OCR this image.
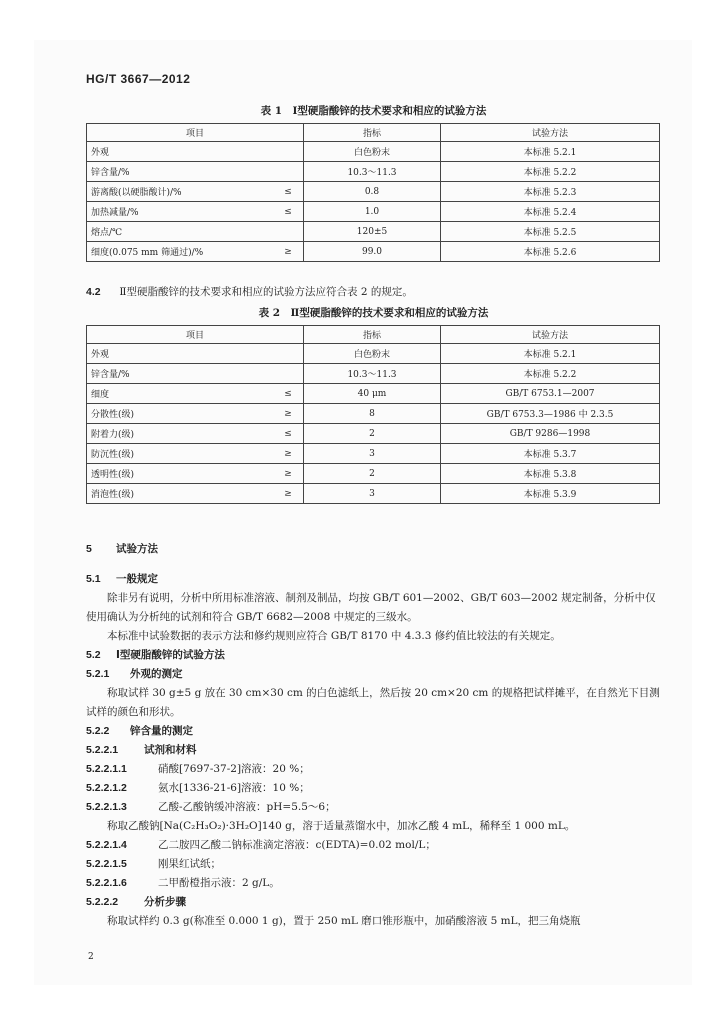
HG/T 3667—2012
表 1　Ⅰ型硬脂酸锌的技术要求和相应的试验方法
项目		指标	试验方法
外观		白色粉末	本标准 5.2.1
锌含量/%		10.3～11.3	本标准 5.2.2
游离酸(以硬脂酸计)/%	≤	0.8	本标准 5.2.3
加热减量/%	≤	1.0	本标准 5.2.4
熔点/℃		120±5	本标准 5.2.5
细度(0.075 mm 筛通过)/%	≥	99.0	本标准 5.2.6
4.2 Ⅱ型硬脂酸锌的技术要求和相应的试验方法应符合表 2 的规定。
表 2　Ⅱ型硬脂酸锌的技术要求和相应的试验方法
项目		指标	试验方法
外观		白色粉末	本标准 5.2.1
锌含量/%		10.3～11.3	本标准 5.2.2
细度	≤	40 μm	GB/T 6753.1—2007
分散性(级)	≥	8	GB/T 6753.3—1986 中 2.3.5
附着力(级)	≤	2	GB/T 9286—1998
防沉性(级)	≥	3	本标准 5.3.7
透明性(级)	≥	2	本标准 5.3.8
消泡性(级)	≥	3	本标准 5.3.9
5 试验方法
5.1 一般规定
除非另有说明，分析中所用标准溶液、制剂及制品，均按 GB/T 601—2002、GB/T 603—2002 规定制备，分析中仅使用确认为分析纯的试剂和符合 GB/T 6682—2008 中规定的三级水。
本标准中试验数据的表示方法和修约规则应符合 GB/T 8170 中 4.3.3 修约值比较法的有关规定。
5.2 Ⅰ型硬脂酸锌的试验方法
5.2.1 外观的测定
称取试样 30 g±5 g 放在 30 cm×30 cm 的白色滤纸上，然后按 20 cm×20 cm 的规格把试样摊平，在自然光下目测试样的颜色和形状。
5.2.2 锌含量的测定
5.2.2.1 试剂和材料
5.2.2.1.1	硝酸[7697-37-2]溶液：20 %；
5.2.2.1.2	氨水[1336-21-6]溶液：10 %；
5.2.2.1.3	乙酸-乙酸钠缓冲溶液：pH=5.5～6；
称取乙酸钠[Na(C₂H₃O₂)·3H₂O]140 g，溶于适量蒸馏水中，加冰乙酸 4 mL，稀释至 1 000 mL。
5.2.2.1.4	乙二胺四乙酸二钠标准滴定溶液：c(EDTA)=0.02 mol/L；
5.2.2.1.5	刚果红试纸；
5.2.2.1.6	二甲酚橙指示液：2 g/L。
5.2.2.2 分析步骤
称取试样约 0.3 g(称准至 0.000 1 g)，置于 250 mL 磨口锥形瓶中，加硝酸溶液 5 mL，把三角烧瓶
2
